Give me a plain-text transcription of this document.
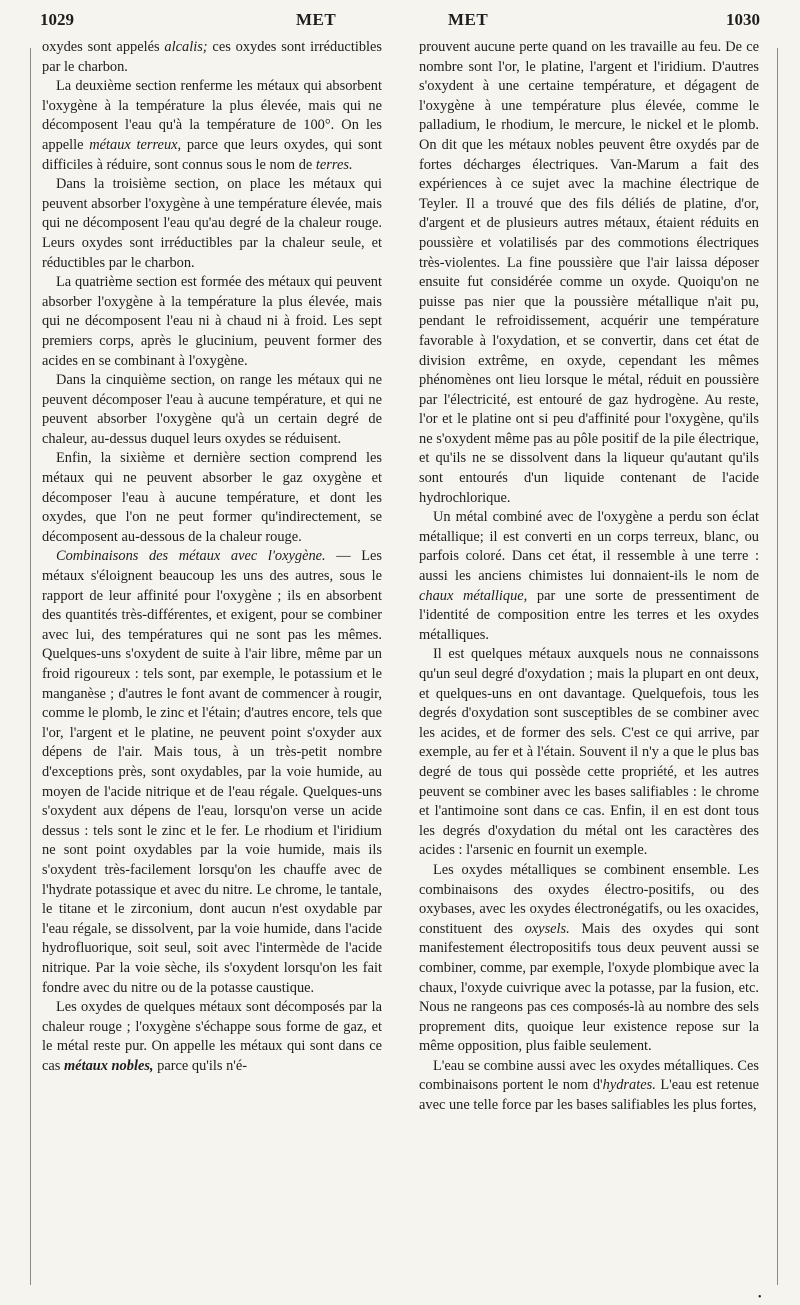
1029	MET	MET	1030

oxydes sont appelés alcalis; ces oxydes sont irréductibles par le charbon.

La deuxième section renferme les métaux qui absorbent l'oxygène à la température la plus élevée, mais qui ne décomposent l'eau qu'à la température de 100°. On les appelle métaux terreux, parce que leurs oxydes, qui sont difficiles à réduire, sont connus sous le nom de terres.

Dans la troisième section, on place les métaux qui peuvent absorber l'oxygène à une température élevée, mais qui ne décomposent l'eau qu'au degré de la chaleur rouge. Leurs oxydes sont irréductibles par la chaleur seule, et réductibles par le charbon.

La quatrième section est formée des métaux qui peuvent absorber l'oxygène à la température la plus élevée, mais qui ne décomposent l'eau ni à chaud ni à froid. Les sept premiers corps, après le glucinium, peuvent former des acides en se combinant à l'oxygène.

Dans la cinquième section, on range les métaux qui ne peuvent décomposer l'eau à aucune température, et qui ne peuvent absorber l'oxygène qu'à un certain degré de chaleur, au-dessus duquel leurs oxydes se réduisent.

Enfin, la sixième et dernière section comprend les métaux qui ne peuvent absorber le gaz oxygène et décomposer l'eau à aucune température, et dont les oxydes, que l'on ne peut former qu'indirectement, se décomposent au-dessous de la chaleur rouge.

Combinaisons des métaux avec l'oxygène. — Les métaux s'éloignent beaucoup les uns des autres, sous le rapport de leur affinité pour l'oxygène ; ils en absorbent des quantités très-différentes, et exigent, pour se combiner avec lui, des températures qui ne sont pas les mêmes. Quelques-uns s'oxydent de suite à l'air libre, même par un froid rigoureux : tels sont, par exemple, le potassium et le manganèse ; d'autres le font avant de commencer à rougir, comme le plomb, le zinc et l'étain; d'autres encore, tels que l'or, l'argent et le platine, ne peuvent point s'oxyder aux dépens de l'air. Mais tous, à un très-petit nombre d'exceptions près, sont oxydables, par la voie humide, au moyen de l'acide nitrique et de l'eau régale. Quelques-uns s'oxydent aux dépens de l'eau, lorsqu'on verse un acide dessus : tels sont le zinc et le fer. Le rhodium et l'iridium ne sont point oxydables par la voie humide, mais ils s'oxydent très-facilement lorsqu'on les chauffe avec de l'hydrate potassique et avec du nitre. Le chrome, le tantale, le titane et le zirconium, dont aucun n'est oxydable par l'eau régale, se dissolvent, par la voie humide, dans l'acide hydrofluorique, soit seul, soit avec l'intermède de l'acide nitrique. Par la voie sèche, ils s'oxydent lorsqu'on les fait fondre avec du nitre ou de la potasse caustique.

Les oxydes de quelques métaux sont décomposés par la chaleur rouge ; l'oxygène s'échappe sous forme de gaz, et le métal reste pur. On appelle les métaux qui sont dans ce cas métaux nobles, parce qu'ils n'é-

prouvent aucune perte quand on les travaille au feu. De ce nombre sont l'or, le platine, l'argent et l'iridium. D'autres s'oxydent à une certaine température, et dégagent de l'oxygène à une température plus élevée, comme le palladium, le rhodium, le mercure, le nickel et le plomb. On dit que les métaux nobles peuvent être oxydés par de fortes décharges électriques. Van-Marum a fait des expériences à ce sujet avec la machine électrique de Teyler. Il a trouvé que des fils déliés de platine, d'or, d'argent et de plusieurs autres métaux, étaient réduits en poussière et volatilisés par des commotions électriques très-violentes. La fine poussière que l'air laissa déposer ensuite fut considérée comme un oxyde. Quoiqu'on ne puisse pas nier que la poussière métallique n'ait pu, pendant le refroidissement, acquérir une température favorable à l'oxydation, et se convertir, dans cet état de division extrême, en oxyde, cependant les mêmes phénomènes ont lieu lorsque le métal, réduit en poussière par l'électricité, est entouré de gaz hydrogène. Au reste, l'or et le platine ont si peu d'affinité pour l'oxygène, qu'ils ne s'oxydent même pas au pôle positif de la pile électrique, et qu'ils ne se dissolvent dans la liqueur qu'autant qu'ils sont entourés d'un liquide contenant de l'acide hydrochlorique.

Un métal combiné avec de l'oxygène a perdu son éclat métallique; il est converti en un corps terreux, blanc, ou parfois coloré. Dans cet état, il ressemble à une terre : aussi les anciens chimistes lui donnaient-ils le nom de chaux métallique, par une sorte de pressentiment de l'identité de composition entre les terres et les oxydes métalliques.

Il est quelques métaux auxquels nous ne connaissons qu'un seul degré d'oxydation ; mais la plupart en ont deux, et quelques-uns en ont davantage. Quelquefois, tous les degrés d'oxydation sont susceptibles de se combiner avec les acides, et de former des sels. C'est ce qui arrive, par exemple, au fer et à l'étain. Souvent il n'y a que le plus bas degré de tous qui possède cette propriété, et les autres peuvent se combiner avec les bases salifiables : le chrome et l'antimoine sont dans ce cas. Enfin, il en est dont tous les degrés d'oxydation du métal ont les caractères des acides : l'arsenic en fournit un exemple.

Les oxydes métalliques se combinent ensemble. Les combinaisons des oxydes électro-positifs, ou des oxybases, avec les oxydes électronégatifs, ou les oxacides, constituent des oxysels. Mais des oxydes qui sont manifestement électropositifs tous deux peuvent aussi se combiner, comme, par exemple, l'oxyde plombique avec la chaux, l'oxyde cuivrique avec la potasse, par la fusion, etc. Nous ne rangeons pas ces composés-là au nombre des sels proprement dits, quoique leur existence repose sur la même opposition, plus faible seulement.

L'eau se combine aussi avec les oxydes métalliques. Ces combinaisons portent le nom d'hydrates. L'eau est retenue avec une telle force par les bases salifiables les plus fortes,

•
